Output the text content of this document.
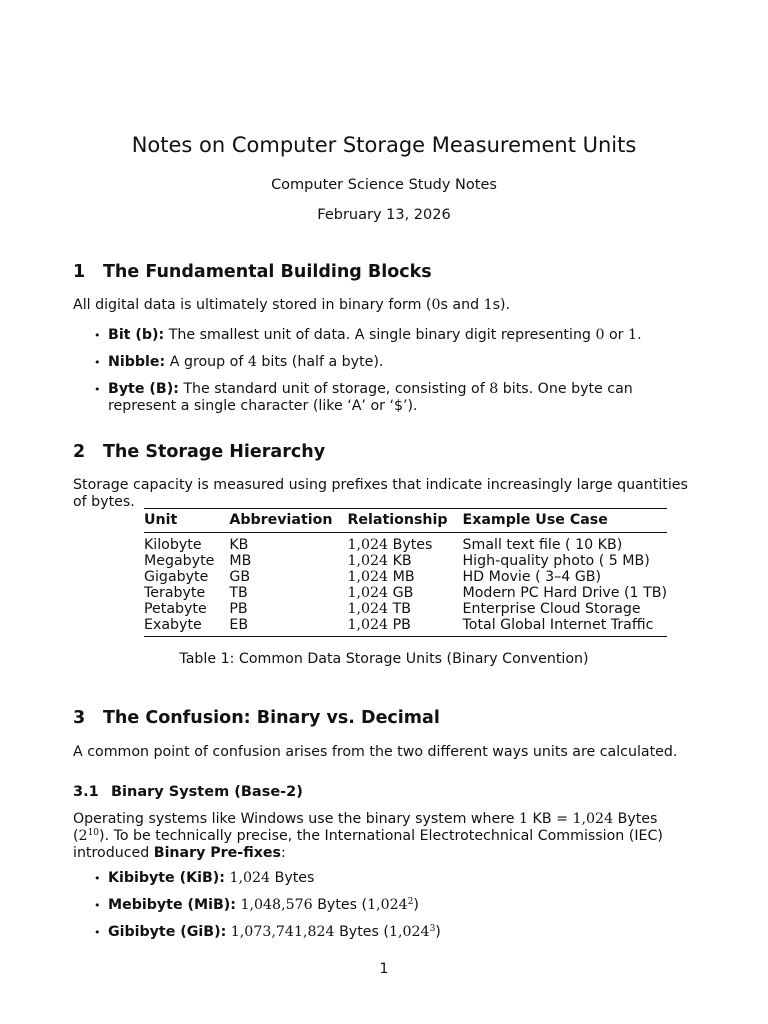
Notes on Computer Storage Measurement Units
Computer Science Study Notes
February 13, 2026
1 The Fundamental Building Blocks
All digital data is ultimately stored in binary form (0s and 1s).
• Bit (b): The smallest unit of data. A single binary digit representing 0 or 1.
• Nibble: A group of 4 bits (half a byte).
• Byte (B): The standard unit of storage, consisting of 8 bits. One byte can represent a single character (like ‘A’ or ‘$’).
2 The Storage Hierarchy
Storage capacity is measured using prefixes that indicate increasingly large quantities of bytes.
Unit	Abbreviation	Relationship	Example Use Case
Kilobyte	KB	1,024 Bytes	Small text file ( 10 KB)
Megabyte	MB	1,024 KB	High-quality photo ( 5 MB)
Gigabyte	GB	1,024 MB	HD Movie ( 3–4 GB)
Terabyte	TB	1,024 GB	Modern PC Hard Drive (1 TB)
Petabyte	PB	1,024 TB	Enterprise Cloud Storage
Exabyte	EB	1,024 PB	Total Global Internet Traffic
Table 1: Common Data Storage Units (Binary Convention)
3 The Confusion: Binary vs. Decimal
A common point of confusion arises from the two different ways units are calculated.
3.1 Binary System (Base-2)
Operating systems like Windows use the binary system where 1 KB = 1,024 Bytes $(2^{10})$. To be technically precise, the International Electrotechnical Commission (IEC) introduced Binary Pre-fixes:
• Kibibyte (KiB): 1,024 Bytes
• Mebibyte (MiB): 1,048,576 Bytes (1,024$^2$)
• Gibibyte (GiB): 1,073,741,824 Bytes (1,024$^3$)
1
